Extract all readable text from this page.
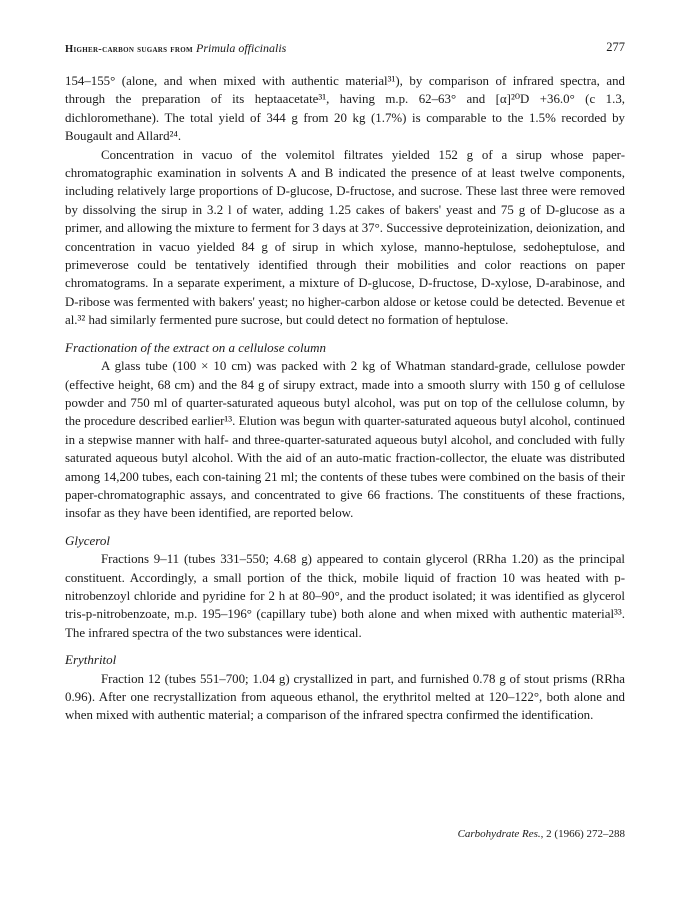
Higher-carbon sugars from Primula officinalis	277

154–155° (alone, and when mixed with authentic material³¹), by comparison of infrared spectra, and through the preparation of its heptaacetate³¹, having m.p. 62–63° and [α]²⁰D +36.0° (c 1.3, dichloromethane). The total yield of 344 g from 20 kg (1.7%) is comparable to the 1.5% recorded by Bougault and Allard²⁴.

Concentration in vacuo of the volemitol filtrates yielded 152 g of a sirup whose paper-chromatographic examination in solvents A and B indicated the presence of at least twelve components, including relatively large proportions of D-glucose, D-fructose, and sucrose. These last three were removed by dissolving the sirup in 3.2 l of water, adding 1.25 cakes of bakers' yeast and 75 g of D-glucose as a primer, and allowing the mixture to ferment for 3 days at 37°. Successive deproteinization, deionization, and concentration in vacuo yielded 84 g of sirup in which xylose, manno-heptulose, sedoheptulose, and primeverose could be tentatively identified through their mobilities and color reactions on paper chromatograms. In a separate experiment, a mixture of D-glucose, D-fructose, D-xylose, D-arabinose, and D-ribose was fermented with bakers' yeast; no higher-carbon aldose or ketose could be detected. Bevenue et al.³² had similarly fermented pure sucrose, but could detect no formation of heptulose.

Fractionation of the extract on a cellulose column

A glass tube (100 × 10 cm) was packed with 2 kg of Whatman standard-grade, cellulose powder (effective height, 68 cm) and the 84 g of sirupy extract, made into a smooth slurry with 150 g of cellulose powder and 750 ml of quarter-saturated aqueous butyl alcohol, was put on top of the cellulose column, by the procedure described earlier¹³. Elution was begun with quarter-saturated aqueous butyl alcohol, continued in a stepwise manner with half- and three-quarter-saturated aqueous butyl alcohol, and concluded with fully saturated aqueous butyl alcohol. With the aid of an auto-matic fraction-collector, the eluate was distributed among 14,200 tubes, each con-taining 21 ml; the contents of these tubes were combined on the basis of their paper-chromatographic assays, and concentrated to give 66 fractions. The constituents of these fractions, insofar as they have been identified, are reported below.

Glycerol

Fractions 9–11 (tubes 331–550; 4.68 g) appeared to contain glycerol (RRha 1.20) as the principal constituent. Accordingly, a small portion of the thick, mobile liquid of fraction 10 was heated with p-nitrobenzoyl chloride and pyridine for 2 h at 80–90°, and the product isolated; it was identified as glycerol tris-p-nitrobenzoate, m.p. 195–196° (capillary tube) both alone and when mixed with authentic material³³. The infrared spectra of the two substances were identical.

Erythritol

Fraction 12 (tubes 551–700; 1.04 g) crystallized in part, and furnished 0.78 g of stout prisms (RRha 0.96). After one recrystallization from aqueous ethanol, the erythritol melted at 120–122°, both alone and when mixed with authentic material; a comparison of the infrared spectra confirmed the identification.

Carbohydrate Res., 2 (1966) 272–288
